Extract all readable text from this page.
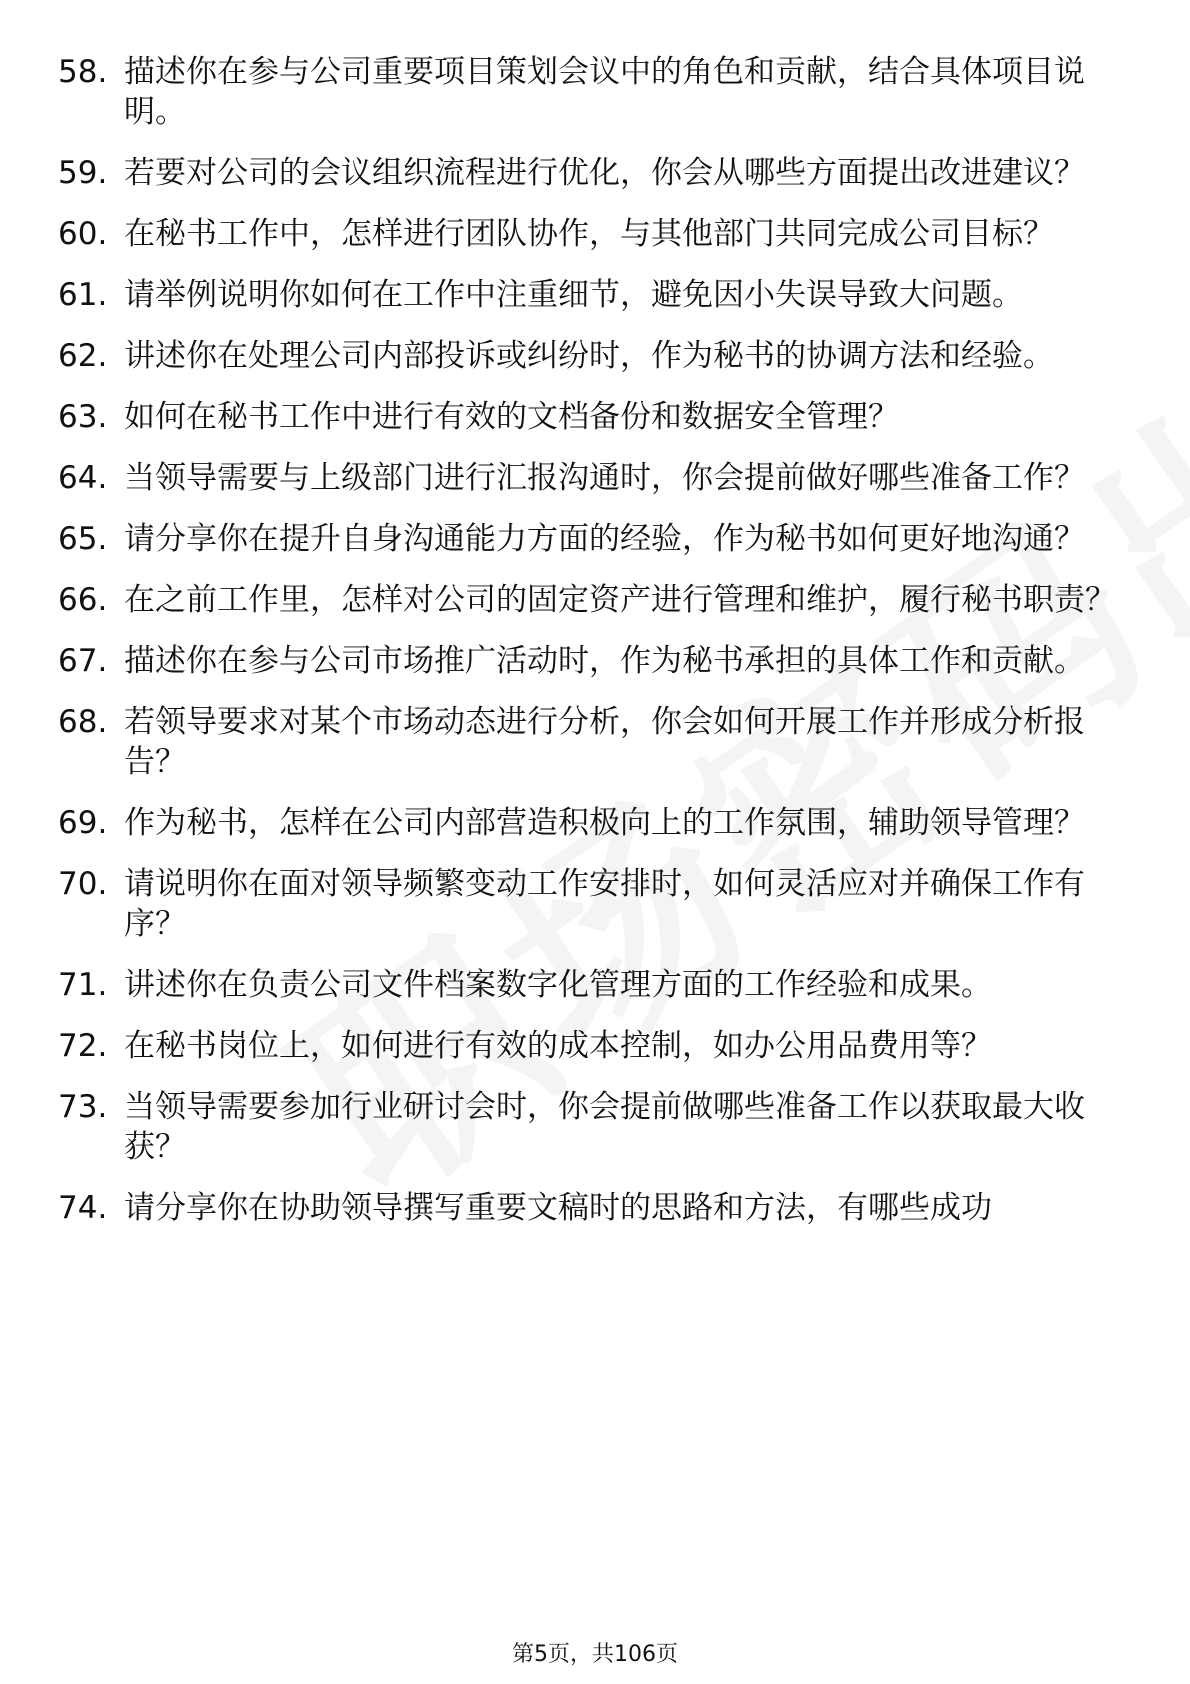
58. 描述你在参与公司重要项目策划会议中的角色和贡献，结合具体项目说明。
59. 若要对公司的会议组织流程进行优化，你会从哪些方面提出改进建议？
60. 在秘书工作中，怎样进行团队协作，与其他部门共同完成公司目标？
61. 请举例说明你如何在工作中注重细节，避免因小失误导致大问题。
62. 讲述你在处理公司内部投诉或纠纷时，作为秘书的协调方法和经验。
63. 如何在秘书工作中进行有效的文档备份和数据安全管理？
64. 当领导需要与上级部门进行汇报沟通时，你会提前做好哪些准备工作？
65. 请分享你在提升自身沟通能力方面的经验，作为秘书如何更好地沟通？
66. 在之前工作里，怎样对公司的固定资产进行管理和维护，履行秘书职责？
67. 描述你在参与公司市场推广活动时，作为秘书承担的具体工作和贡献。
68. 若领导要求对某个市场动态进行分析，你会如何开展工作并形成分析报告？
69. 作为秘书，怎样在公司内部营造积极向上的工作氛围，辅助领导管理？
70. 请说明你在面对领导频繁变动工作安排时，如何灵活应对并确保工作有序？
71. 讲述你在负责公司文件档案数字化管理方面的工作经验和成果。
72. 在秘书岗位上，如何进行有效的成本控制，如办公用品费用等？
73. 当领导需要参加行业研讨会时，你会提前做哪些准备工作以获取最大收获？
74. 请分享你在协助领导撰写重要文稿时的思路和方法，有哪些成功
第5页，共106页
